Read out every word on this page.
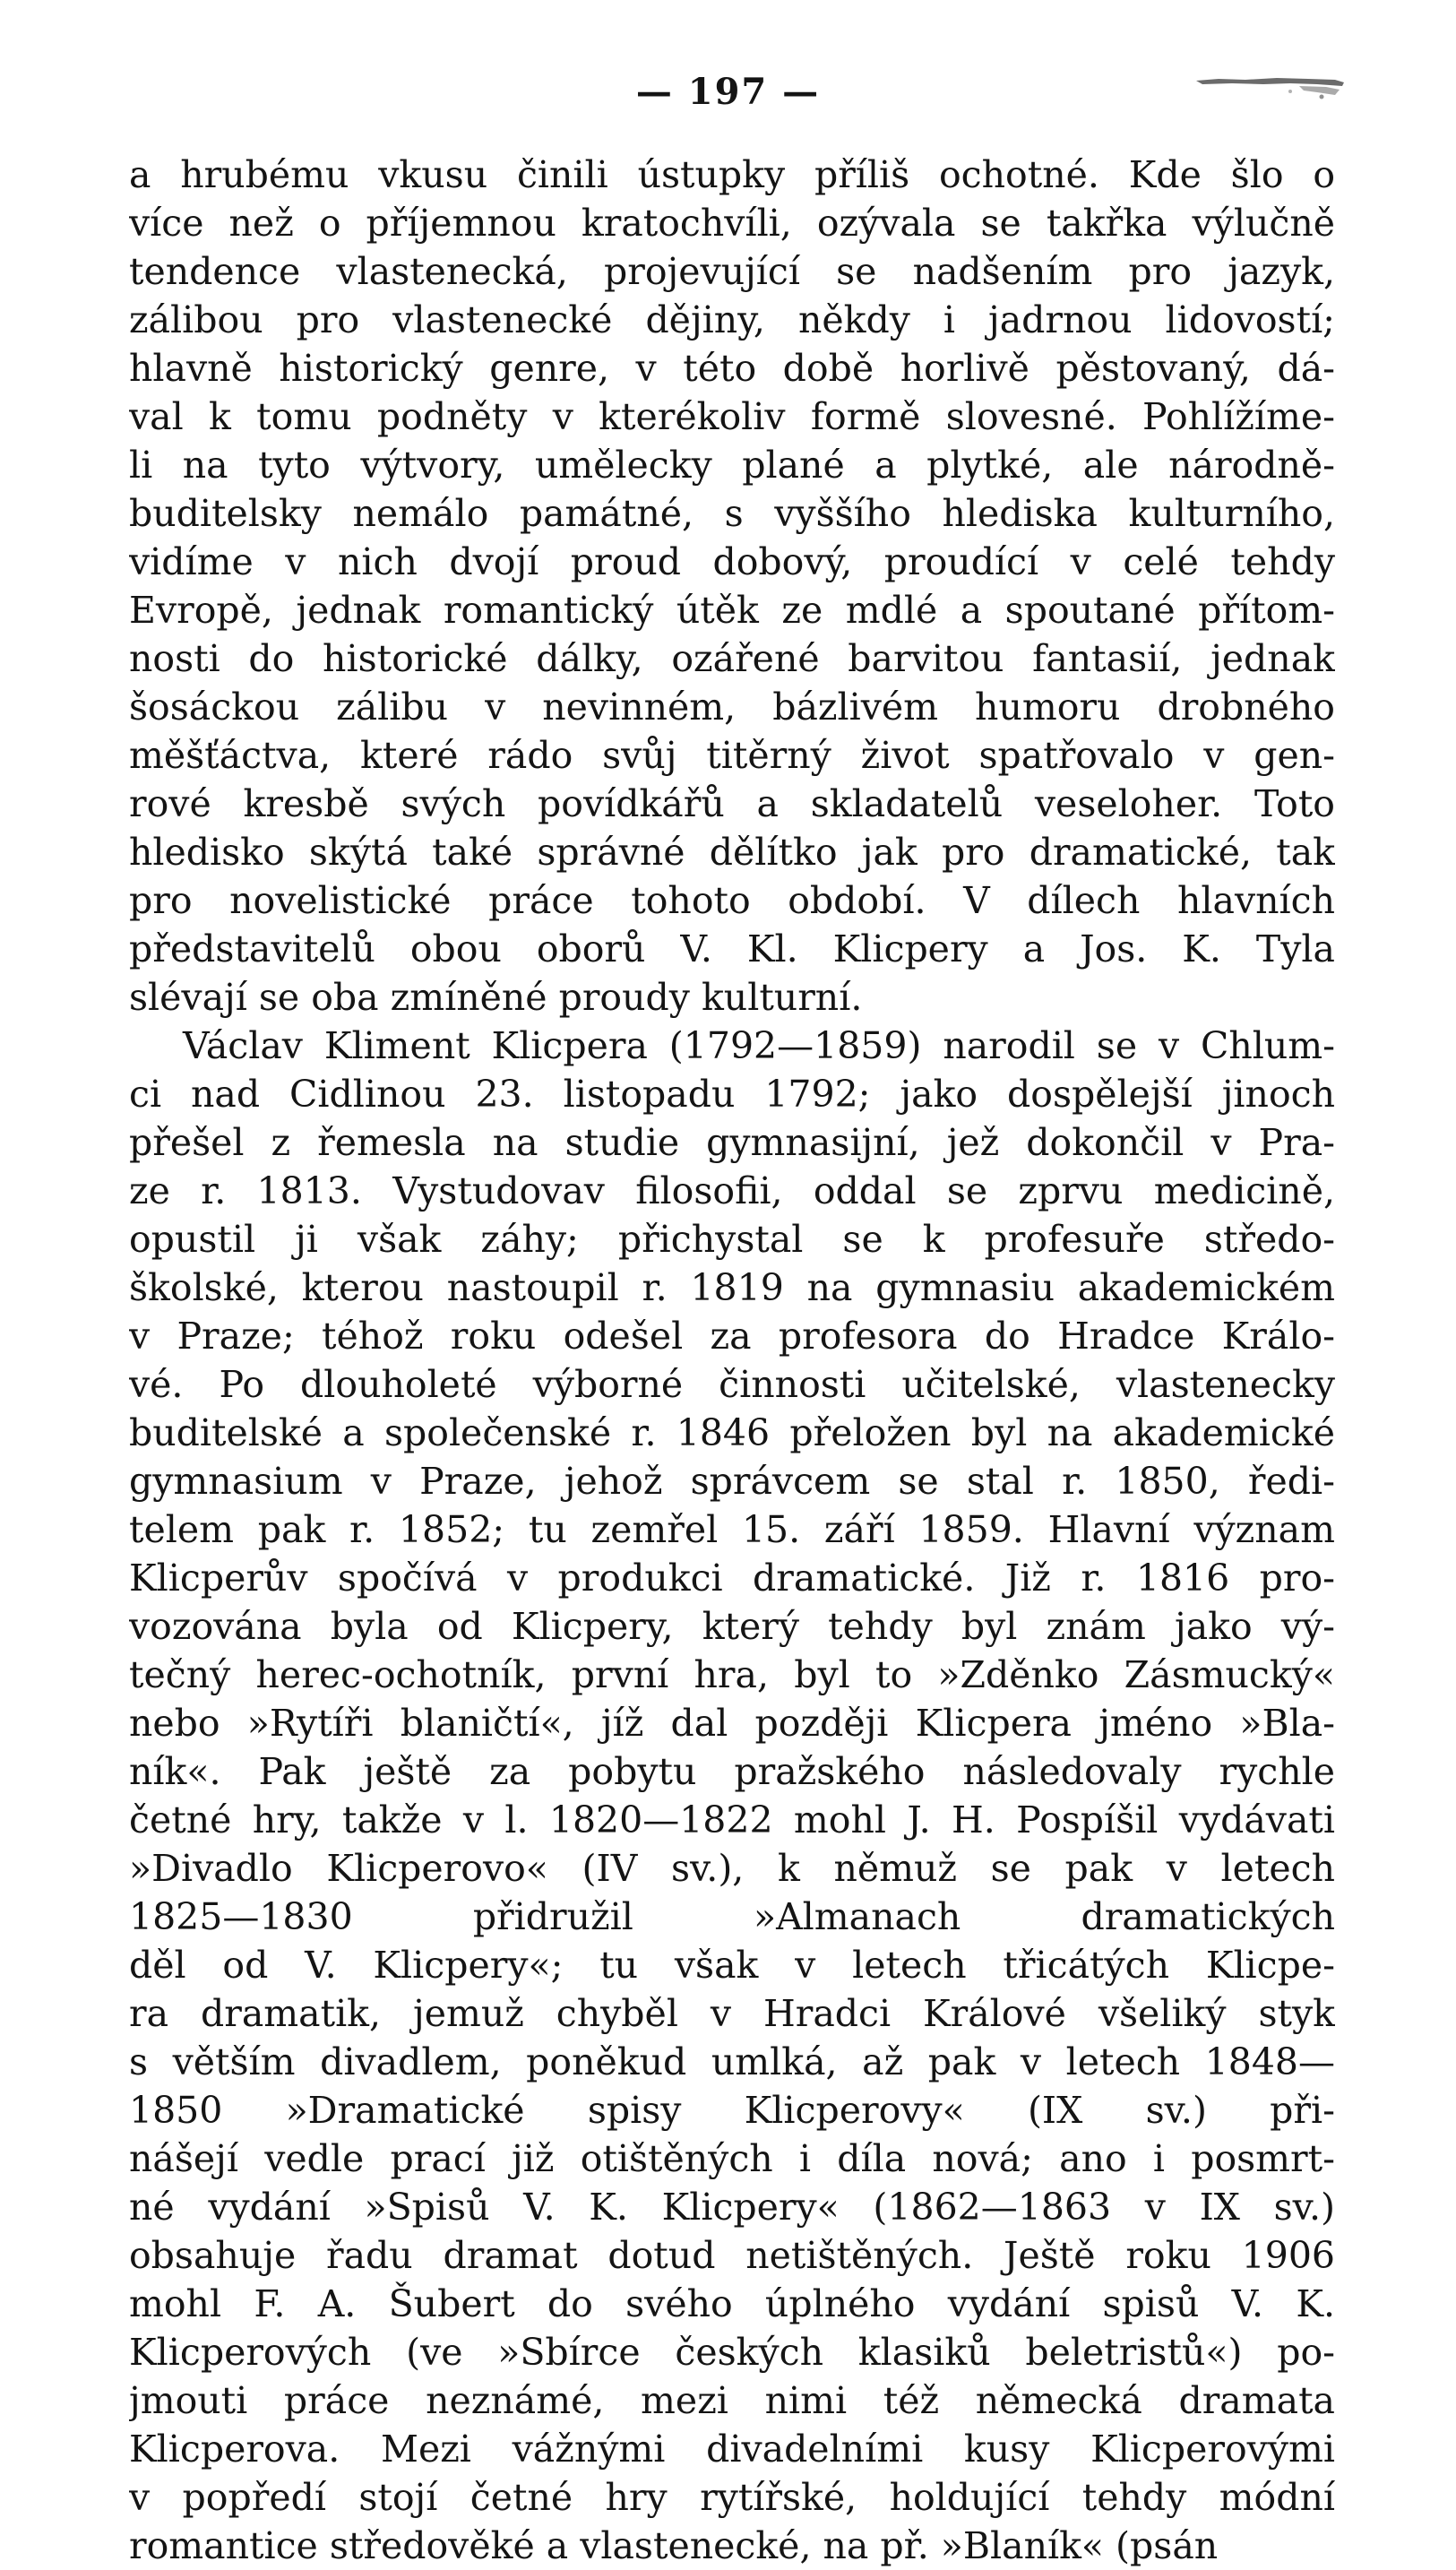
— 197 —
a hrubému vkusu činili ústupky příliš ochotné. Kde šlo o
více než o příjemnou kratochvíli, ozývala se takřka výlučně
tendence vlastenecká, projevující se nadšením pro jazyk,
zálibou pro vlastenecké dějiny, někdy i jadrnou lidovostí;
hlavně historický genre, v této době horlivě pěstovaný, dá-
val k tomu podněty v kterékoliv formě slovesné. Pohlížíme-
li na tyto výtvory, umělecky plané a plytké, ale národně-
buditelsky nemálo památné, s vyššího hlediska kulturního,
vidíme v nich dvojí proud dobový, proudící v celé tehdy
Evropě, jednak romantický útěk ze mdlé a spoutané přítom-
nosti do historické dálky, ozářené barvitou fantasií, jednak
šosáckou zálibu v nevinném, bázlivém humoru drobného
měšťáctva, které rádo svůj titěrný život spatřovalo v gen-
rové kresbě svých povídkářů a skladatelů veseloher. Toto
hledisko skýtá také správné dělítko jak pro dramatické, tak
pro novelistické práce tohoto období. V dílech hlavních
představitelů obou oborů V. Kl. Klicpery a Jos. K. Tyla
slévají se oba zmíněné proudy kulturní.
Václav Kliment Klicpera (1792—1859) narodil se v Chlum-
ci nad Cidlinou 23. listopadu 1792; jako dospělejší jinoch
přešel z řemesla na studie gymnasijní, jež dokončil v Pra-
ze r. 1813. Vystudovav filosofii, oddal se zprvu medicině,
opustil ji však záhy; přichystal se k profesuře středo-
školské, kterou nastoupil r. 1819 na gymnasiu akademickém
v Praze; téhož roku odešel za profesora do Hradce Králo-
vé. Po dlouholeté výborné činnosti učitelské, vlastenecky
buditelské a společenské r. 1846 přeložen byl na akademické
gymnasium v Praze, jehož správcem se stal r. 1850, ředi-
telem pak r. 1852; tu zemřel 15. září 1859. Hlavní význam
Klicperův spočívá v produkci dramatické. Již r. 1816 pro-
vozována byla od Klicpery, který tehdy byl znám jako vý-
tečný herec-ochotník, první hra, byl to »Zděnko Zásmucký«
nebo »Rytíři blaničtí«, jíž dal později Klicpera jméno »Bla-
ník«. Pak ještě za pobytu pražského následovaly rychle
četné hry, takže v l. 1820—1822 mohl J. H. Pospíšil vydávati
»Divadlo Klicperovo« (IV sv.), k němuž se pak v letech
1825—1830 přidružil »Almanach dramatických
děl od V. Klicpery«; tu však v letech třicátých Klicpe-
ra dramatik, jemuž chyběl v Hradci Králové všeliký styk
s větším divadlem, poněkud umlká, až pak v letech 1848—
1850 »Dramatické spisy Klicperovy« (IX sv.) při-
nášejí vedle prací již otištěných i díla nová; ano i posmrt-
né vydání »Spisů V. K. Klicpery« (1862—1863 v IX sv.)
obsahuje řadu dramat dotud netištěných. Ještě roku 1906
mohl F. A. Šubert do svého úplného vydání spisů V. K.
Klicperových (ve »Sbírce českých klasiků beletristů«) po-
jmouti práce neznámé, mezi nimi též německá dramata
Klicperova. Mezi vážnými divadelními kusy Klicperovými
v popředí stojí četné hry rytířské, holdující tehdy módní
romantice středověké a vlastenecké, na př. »Blaník« (psán
